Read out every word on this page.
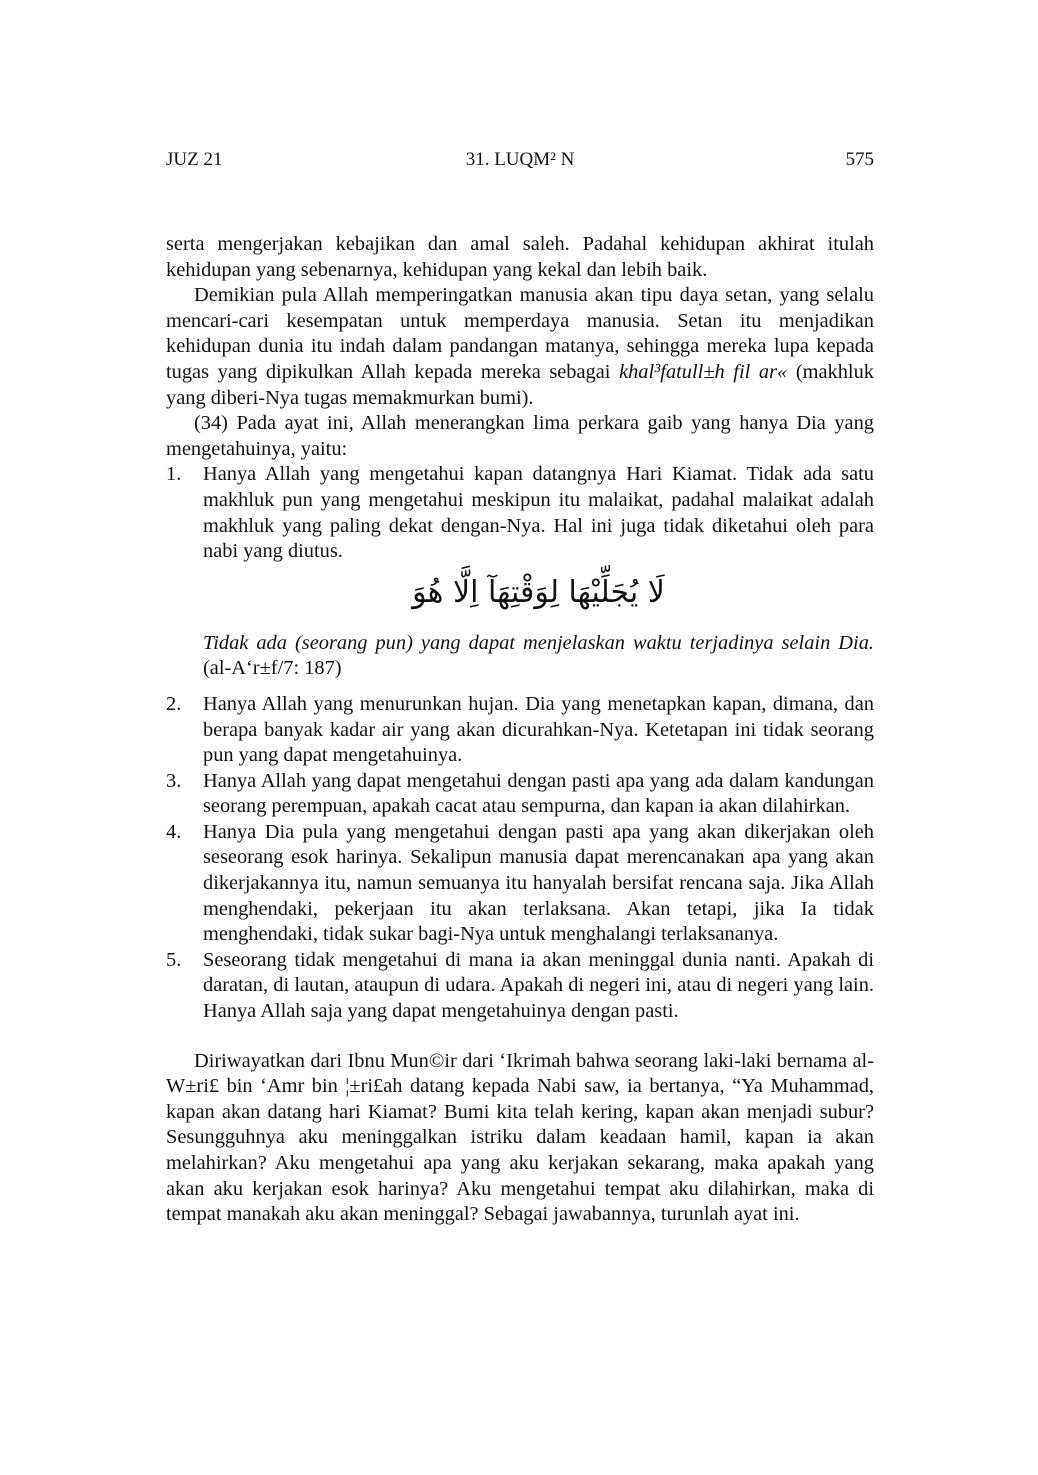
JUZ 21	31. LUQM² N	575

serta mengerjakan kebajikan dan amal saleh. Padahal kehidupan akhirat itulah kehidupan yang sebenarnya, kehidupan yang kekal dan lebih baik.

Demikian pula Allah memperingatkan manusia akan tipu daya setan, yang selalu mencari-cari kesempatan untuk memperdaya manusia. Setan itu menjadikan kehidupan dunia itu indah dalam pandangan matanya, sehingga mereka lupa kepada tugas yang dipikulkan Allah kepada mereka sebagai khal³fatull±h fil ar« (makhluk yang diberi-Nya tugas memakmurkan bumi).

(34) Pada ayat ini, Allah menerangkan lima perkara gaib yang hanya Dia yang mengetahuinya, yaitu:

1. Hanya Allah yang mengetahui kapan datangnya Hari Kiamat. Tidak ada satu makhluk pun yang mengetahui meskipun itu malaikat, padahal malaikat adalah makhluk yang paling dekat dengan-Nya. Hal ini juga tidak diketahui oleh para nabi yang diutus.

لَا يُجَلِّيْهَا لِوَقْتِهَآ اِلَّا هُوَ

Tidak ada (seorang pun) yang dapat menjelaskan waktu terjadinya selain Dia. (al-A‘r±f/7: 187)

2. Hanya Allah yang menurunkan hujan. Dia yang menetapkan kapan, dimana, dan berapa banyak kadar air yang akan dicurahkan-Nya. Ketetapan ini tidak seorang pun yang dapat mengetahuinya.

3. Hanya Allah yang dapat mengetahui dengan pasti apa yang ada dalam kandungan seorang perempuan, apakah cacat atau sempurna, dan kapan ia akan dilahirkan.

4. Hanya Dia pula yang mengetahui dengan pasti apa yang akan dikerjakan oleh seseorang esok harinya. Sekalipun manusia dapat merencanakan apa yang akan dikerjakannya itu, namun semuanya itu hanyalah bersifat rencana saja. Jika Allah menghendaki, pekerjaan itu akan terlaksana. Akan tetapi, jika Ia tidak menghendaki, tidak sukar bagi-Nya untuk menghalangi terlaksananya.

5. Seseorang tidak mengetahui di mana ia akan meninggal dunia nanti. Apakah di daratan, di lautan, ataupun di udara. Apakah di negeri ini, atau di negeri yang lain. Hanya Allah saja yang dapat mengetahuinya dengan pasti.

Diriwayatkan dari Ibnu Mun©ir dari ‘Ikrimah bahwa seorang laki-laki bernama al-W±ri£ bin ‘Amr bin ¦±ri£ah datang kepada Nabi saw, ia bertanya, “Ya Muhammad, kapan akan datang hari Kiamat? Bumi kita telah kering, kapan akan menjadi subur? Sesungguhnya aku meninggalkan istriku dalam keadaan hamil, kapan ia akan melahirkan? Aku mengetahui apa yang aku kerjakan sekarang, maka apakah yang akan aku kerjakan esok harinya? Aku mengetahui tempat aku dilahirkan, maka di tempat manakah aku akan meninggal? Sebagai jawabannya, turunlah ayat ini.
